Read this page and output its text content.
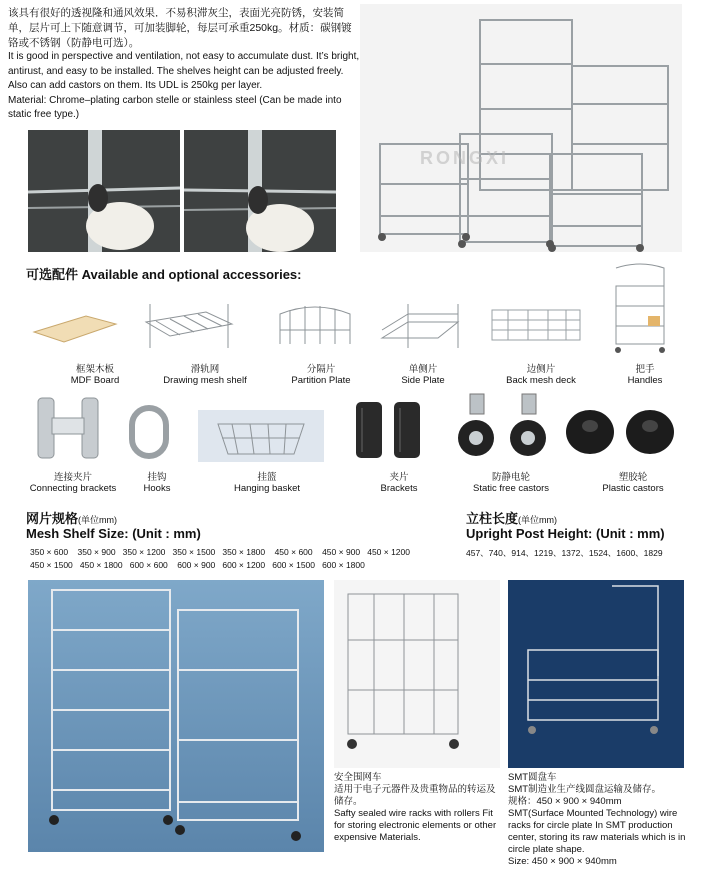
该具有很好的透视隆和通风效果．不易积滞灰尘，表面光亮防锈，安装简单，层片可上下随意调节，可加装脚轮，每层可承重250kg。材质：碳钢镀铬或不锈钢（防静电可选）。
It is good in perspective and ventilation, not easy to accumulate dust. It’s bright, antirust, and easy to be installed. The shelves height can be adjusted freely. Also can add castors on them. Its UDL is 250kg per layer.
Material: Chrome–plating carbon stelle or stainless steel (Can be made into static free type.)
RONGXI
可选配件 Available and optional accessories:
框架木板
MDF Board
滑轨网
Drawing mesh shelf
分隔片
Partition Plate
单侧片
Side Plate
边侧片
Back mesh deck
把手
Handles
连接夹片
Connecting brackets
挂钩
Hooks
挂篮
Hanging basket
夹片
Brackets
防静电轮
Static free castors
塑胶轮
Plastic castors
网片规格(单位mm)
Mesh Shelf Size: (Unit : mm)
350 × 600    350 × 900   350 × 1200   350 × 1500   350 × 1800    450 × 600    450 × 900   450 × 1200
450 × 1500   450 × 1800   600 × 600    600 × 900   600 × 1200   600 × 1500   600 × 1800
立柱长度(单位mm)
Upright Post Height: (Unit : mm)
457、740、914、1219、1372、1524、1600、1829
安全围网车
适用于电子元器件及贵重物品的转运及储存。
Safty sealed wire racks with rollers Fit for storing electronic elements or other expensive Materials.
SMT圆盘车
SMT制造业生产线圆盘运输及储存。
规格：450 × 900 × 940mm
SMT(Surface Mounted Technology) wire racks for circle plate In SMT production center, storing its raw materials which is in circle plate shape.
Size: 450 × 900 × 940mm
